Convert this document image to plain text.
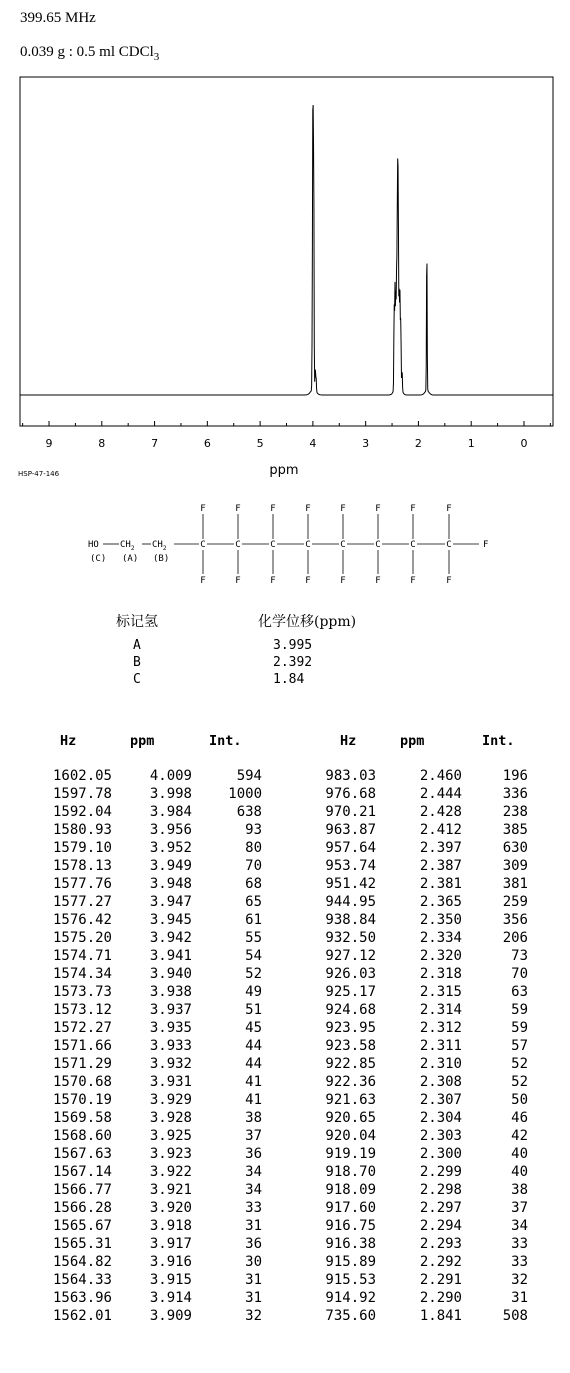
399.65 MHz
0.039 g : 0.5 ml CDCl$_3$
9	8	7	6	5	4	3	2	1	0
ppm
HSP-47-146
HO $CH_2$ $CH_2$	C
F
F
C
F
F
C
F
F
C
F
F
C
F
F
C
F
F
C
F
F
C
F
F
F
(C) (A) (B)
标记氢	化学位移(ppm)
A	3.995
B	2.392
C	1.84
Hz	ppm	Int.	Hz	ppm	Int.
1602.05	4.009	594	983.03	2.460	196
1597.78	3.998	1000	976.68	2.444	336
1592.04	3.984	638	970.21	2.428	238
1580.93	3.956	93	963.87	2.412	385
1579.10	3.952	80	957.64	2.397	630
1578.13	3.949	70	953.74	2.387	309
1577.76	3.948	68	951.42	2.381	381
1577.27	3.947	65	944.95	2.365	259
1576.42	3.945	61	938.84	2.350	356
1575.20	3.942	55	932.50	2.334	206
1574.71	3.941	54	927.12	2.320	73
1574.34	3.940	52	926.03	2.318	70
1573.73	3.938	49	925.17	2.315	63
1573.12	3.937	51	924.68	2.314	59
1572.27	3.935	45	923.95	2.312	59
1571.66	3.933	44	923.58	2.311	57
1571.29	3.932	44	922.85	2.310	52
1570.68	3.931	41	922.36	2.308	52
1570.19	3.929	41	921.63	2.307	50
1569.58	3.928	38	920.65	2.304	46
1568.60	3.925	37	920.04	2.303	42
1567.63	3.923	36	919.19	2.300	40
1567.14	3.922	34	918.70	2.299	40
1566.77	3.921	34	918.09	2.298	38
1566.28	3.920	33	917.60	2.297	37
1565.67	3.918	31	916.75	2.294	34
1565.31	3.917	36	916.38	2.293	33
1564.82	3.916	30	915.89	2.292	33
1564.33	3.915	31	915.53	2.291	32
1563.96	3.914	31	914.92	2.290	31
1562.01	3.909	32	735.60	1.841	508
